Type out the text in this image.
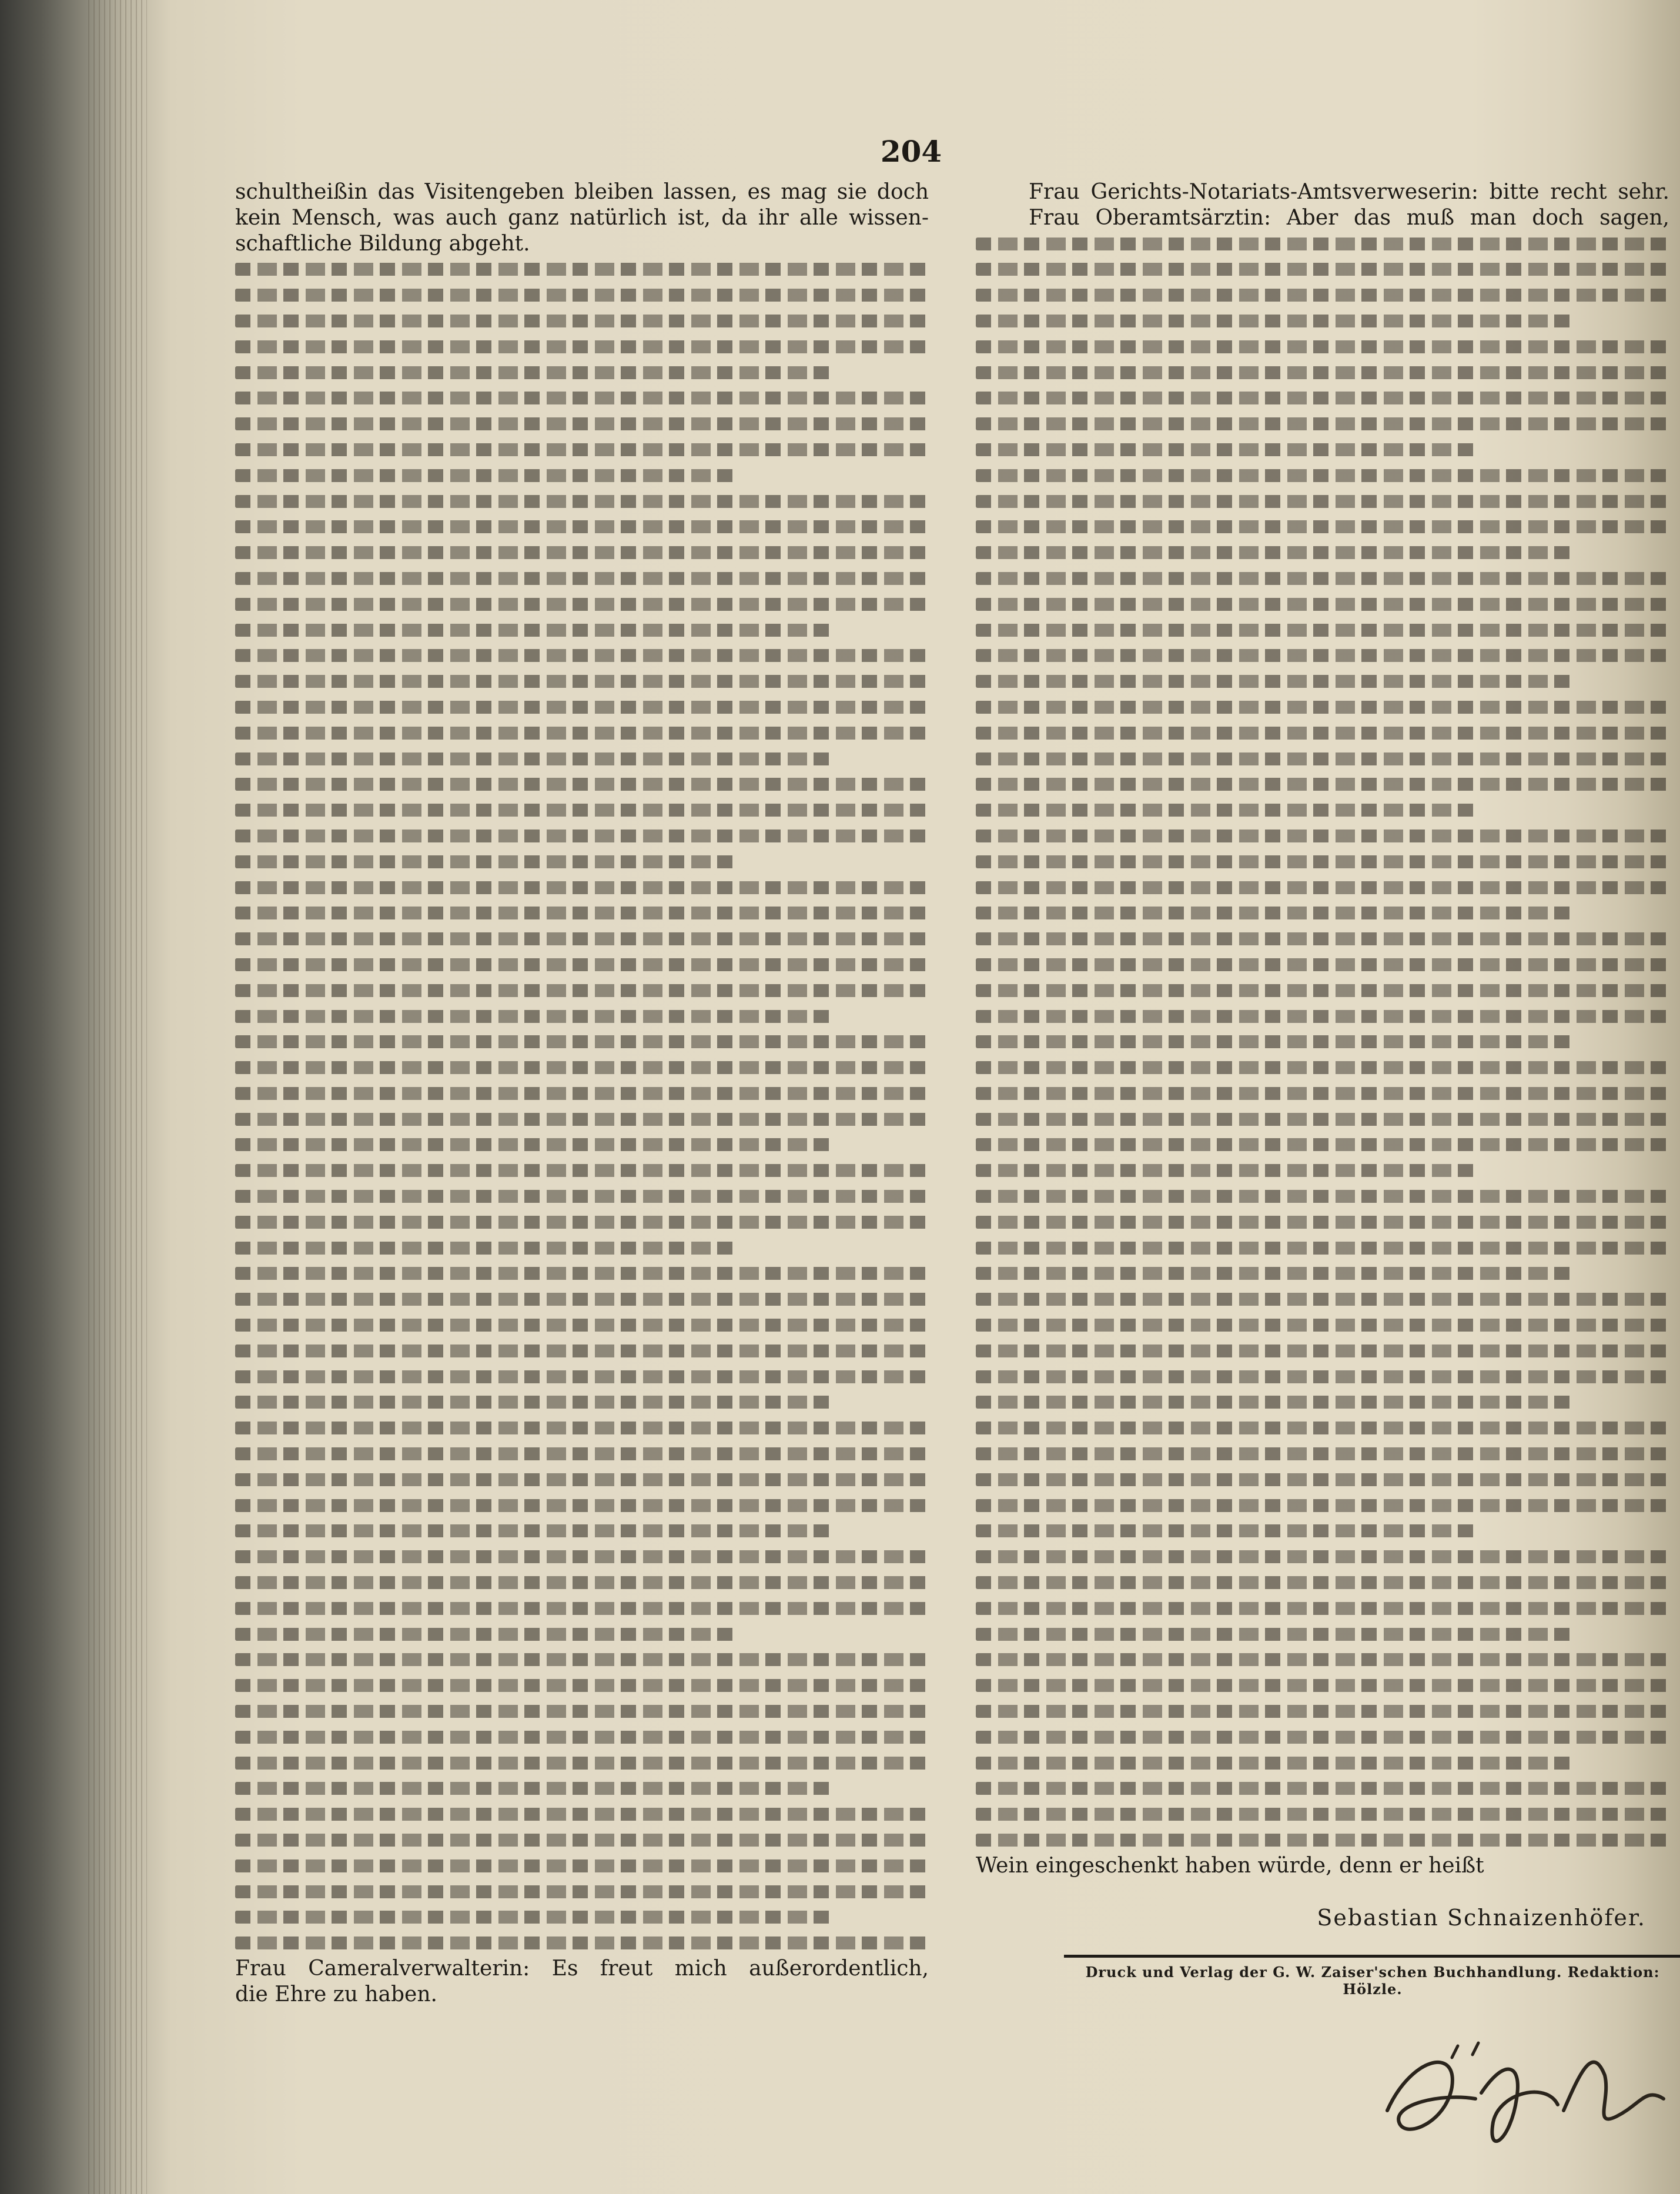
204
schultheißin das Visitengeben bleiben lassen, es mag sie doch
kein Mensch, was auch ganz natürlich ist, da ihr alle wissen-
schaftliche Bildung abgeht.
Frau Cameralverwalterin: Es freut mich außerordentlich,
die Ehre zu haben.
Frau Gerichts-Notariats-Amtsverweserin: bitte recht sehr.
Frau Oberamtsärztin: Aber das muß man doch sagen,
Wein eingeschenkt haben würde, denn er heißt
Sebastian Schnaizenhöfer.
Druck und Verlag der G. W. Zaiser'schen Buchhandlung. Redaktion: Hölzle.
